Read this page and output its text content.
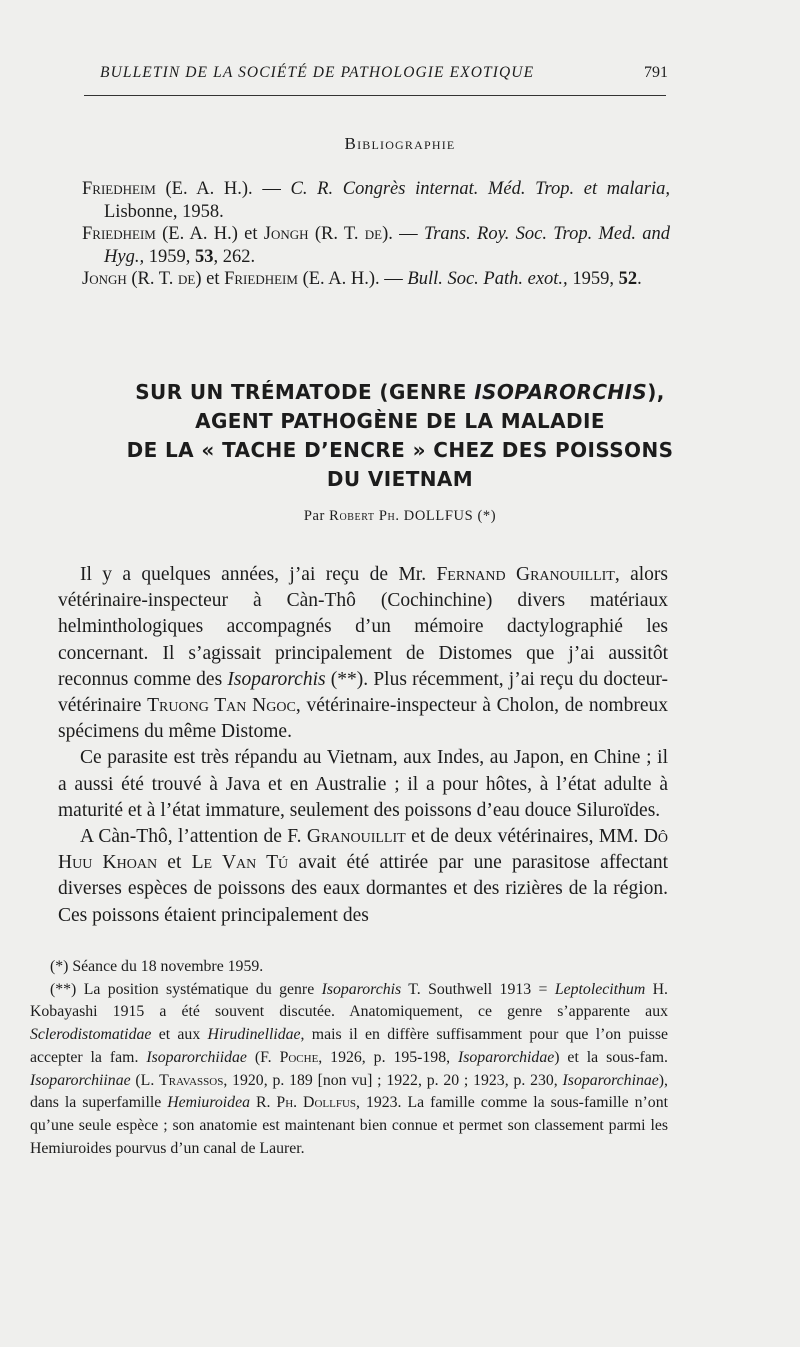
BULLETIN DE LA SOCIÉTÉ DE PATHOLOGIE EXOTIQUE	791
Bibliographie

Friedheim (E. A. H.). — C. R. Congrès internat. Méd. Trop. et malaria, Lisbonne, 1958.

Friedheim (E. A. H.) et Jongh (R. T. de). — Trans. Roy. Soc. Trop. Med. and Hyg., 1959, 53, 262.

Jongh (R. T. de) et Friedheim (E. A. H.). — Bull. Soc. Path. exot., 1959, 52.

SUR UN TRÉMATODE (GENRE ISOPARORCHIS),
AGENT PATHOGÈNE DE LA MALADIE
DE LA « TACHE D’ENCRE » CHEZ DES POISSONS
DU VIETNAM
Par Robert Ph. DOLLFUS (*)

Il y a quelques années, j’ai reçu de Mr. Fernand Granouillit, alors vétérinaire-inspecteur à Càn-Thô (Cochinchine) divers matériaux helminthologiques accompagnés d’un mémoire dactylographié les concernant. Il s’agissait principalement de Distomes que j’ai aussitôt reconnus comme des Isoparorchis (**). Plus récemment, j’ai reçu du docteur-vétérinaire Truong Tan Ngoc, vétérinaire-inspecteur à Cholon, de nombreux spécimens du même Distome.

Ce parasite est très répandu au Vietnam, aux Indes, au Japon, en Chine ; il a aussi été trouvé à Java et en Australie ; il a pour hôtes, à l’état adulte à maturité et à l’état immature, seulement des poissons d’eau douce Siluroïdes.

A Càn-Thô, l’attention de F. Granouillit et de deux vétérinaires, MM. Dô Huu Khoan et Le Van Tú avait été attirée par une parasitose affectant diverses espèces de poissons des eaux dormantes et des rizières de la région. Ces poissons étaient principalement des

(*) Séance du 18 novembre 1959.

(**) La position systématique du genre Isoparorchis T. Southwell 1913 = Leptolecithum H. Kobayashi 1915 a été souvent discutée. Anatomiquement, ce genre s’apparente aux Sclerodistomatidae et aux Hirudinellidae, mais il en diffère suffisamment pour que l’on puisse accepter la fam. Isoparorchiidae (F. Poche, 1926, p. 195-198, Isoparorchidae) et la sous-fam. Isoparorchiinae (L. Travassos, 1920, p. 189 [non vu] ; 1922, p. 20 ; 1923, p. 230, Isoparorchinae), dans la superfamille Hemiuroidea R. Ph. Dollfus, 1923. La famille comme la sous-famille n’ont qu’une seule espèce ; son anatomie est maintenant bien connue et permet son classement parmi les Hemiuroides pourvus d’un canal de Laurer.
